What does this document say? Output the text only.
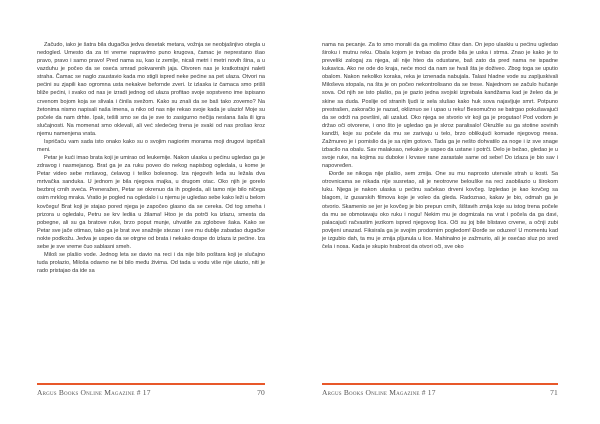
Začudo, iako je šatra bila dugačka jedva desetak metara, vožnja se neobjašnjivo otegla u nedogled. Umesto da za tri vreme napravimo puno krugova, čamac je neprestano išao pravo, pravo i samo pravo! Pred nama su, kao iz zemlje, nicali metri i metri novih šina, a u vazduhu je počeo da se oseća smrad pokvarenih jaja. Otvoren nas je kratkotrajni naleti straha. Čamac se naglo zaustavio kada mo stigli ispred neke pećine sa pet ulaza. Otvori na pećini su zjapili kao ogromna usta nekakve befornde zveri. Iz izlaska iz čamaca smo prišli bliže pećini, i svako od nas je izradi jednog od ulaza profitao svoje sopstveno ime ispisano crvenom bojom koja se slivala i činila svežom. Kako su znali da se baš tako zovemo? Na žetonima nismo napisali naša imena, a niko od nas nije rekao svoje kada je ulazio! Moje su počele da nam drhte. Ipak, tešili smo se da je sve to zasigurno nečija neslana šala ili igra slučajnosti. Na momenat smo oklevali, ali već sledećeg trena je svaki od nas prošao kroz njemu namenjena vrata.

Ispričaću vam sada isto onako kako su o svojim nagiorim morama moji drugovi ispričali meni.

Petar je kući imao brata koji je umirao od leukemije. Nakon ulaska u pećinu ugledao ga je zdravog i nasmejanog. Brat ga je za ruku poveo do nekog napisbog ogledala, u kome je Petar video sebe mršavog, ćelavog i teško bolesnog. Iza njegovih leđa su ležala dva mrtvačka sanduka. U jednom je bila njegova majka, u drugom otac. Oko njih je gorelo bezbroj crnih sveća. Preneražen, Petar se okrenuo da ih pogleda, ali tamo nije bilo ničega osim mrklog mraka. Vratio je pogled na ogledalo i u njemu je ugledao sebe kako leži u belom kovčegu! Brat koji je stajao pored njega je započeo glasno da se cereka. Od tog smeha i prizora u ogledalu, Petru se krv lediia u žilama! Htoo je da potrči ka izlazu, smesta da pobegne, ali su ga bratove ruke, brzo poput munje, uhvatile za zglobove šaka. Kako se Petar sve jače otimao, tako ga je brat sve snažnije stezao i sve mu dublje zabadao dugačke nokte podkožu. Jedva je uspeo da se otrgne od brata i nekako dospe do izlaza iz pećine. Iza sebe je sve vreme čuo sablasni smeh.

Miloš se plašio vode. Jednog leta se davio na reci i da nije bilo poštara koji je slučajno tuda prolazio, Miloša odavno ne bi bilo među živima. Od tada u vodu više nije ulazio, niti je rado pristajao da ide sa

Argus Books Online Magazine # 17	70

nama na pecanje. Za to smo moralii da ga molimo čitav dan. On jepo ulaskiu u pećinu ugledao široku i mutnu reku. Obala kojom je trebao da prođe bila je uska i strma. Znao je kako je to preveliki zalogaj za njega, ali nije hteo da odustane, baš zato da pred nama ne ispadne kukavica. Ako ne ode do kraja, neće moci da nam se hvali šta je doživeo. Zbog toga se uputio obalom. Nakon nekoliko koraka, reka je iznenada nabujala. Talasi hladne vode su zapljuskivali Miloševa stopala, na šta je on počeo nekontrolisano da se trese. Najednom se začulo hučanje sova. Od njih se isto plašio, pa je gazio jedna svojski izgrebala kandžama kad je želeo da je skine sa duda. Poslije od stranih ljudi iz sela slušao kako huk sova najavljuje smrt. Potpuno prestrašen, zakoračio je nazad, okliznuo se i upao u reku! Besomučno se batrgao pokušavajući da se održi na površini, ali uzalud. Oko njega se stvorio vir koji ga je progutao! Pod vodom je držao oči otvorene, i ono što je ugledao ga je skroz paralisalo! Okružile su ga stotine sovinih kandži, koje su počele da mu se zarivaju u telo, brzo oblikujući komade njegovog mesa. Zažmureo je i pomislio da je sa njim gotovo. Tada ga je nešto dohvatilo za noge i iz sve snage izbacilo na obalu. Sav malaksao, nekako je uspeo da ustane i potrči. Delo je bežao, gledao je u svoje ruke, na kojima su duboke i krvave rane zarastale same od sebe! Do izlaza je bio sav i napovređen.

Đorđe se nikoga nije plašio, sem zmija. One su mu naprosto utervale strah u kosti. Sa otrovnicama se nikada nije susretao, ali je neotrovne belouške na reci zaobilazio u širokom luku. Njega je nakon ulaska u pećinu sačekao drveni kovčeg. Izgledao je kao kovčeg sa blagom, iz gusarskih filmova koje je voleo da gleda. Radoznao, kakav je bio, odmah ga je otvorio. Skamenio se jer je kovčeg je bio prepun crnih, šištavih zmija koje su istog trena počele da mu se obmotavaju oko ruku i nogu! Nekim mu je dogmizala na vrat i počela da ga davi, palacajući račvastim jezikom ispred njegovog lica. Oči su joj bile blistavo crvene, a očnji zubi povijeni unazad. Fiksirala ga je svojim prodornim pogledom! Đorđe se oduzeo! U momentu kad je izgubio dah, ta mu je zmija pljunula u lice. Mahinalno je zažmurio, ali je osećao sluz po sred čela i nosa. Kada je skupio hrabrost da otvori oči, sve oko

Argus Books Online Magazine # 17	71
